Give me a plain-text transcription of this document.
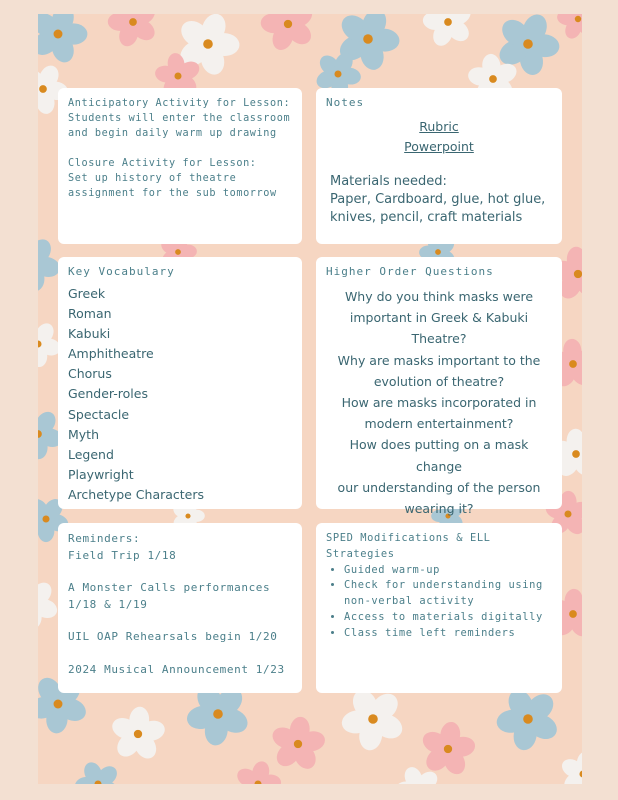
Anticipatory Activity for Lesson:
Students will enter the classroom
and begin daily warm up drawing
Closure Activity for Lesson:
Set up history of theatre
assignment for the sub tomorrow
Notes
Rubric
Powerpoint
Materials needed:
Paper, Cardboard, glue, hot glue,
knives, pencil, craft materials
Key Vocabulary
Greek
Roman
Kabuki
Amphitheatre
Chorus
Gender-roles
Spectacle
Myth
Legend
Playwright
Archetype Characters
Higher Order Questions
Why do you think masks were
important in Greek & Kabuki
Theatre?
Why are masks important to the
evolution of theatre?
How are masks incorporated in
modern entertainment?
How does putting on a mask change
our understanding of the person
wearing it?
Reminders:
Field Trip 1/18
A Monster Calls performances
1/18 & 1/19
UIL OAP Rehearsals begin 1/20
2024 Musical Announcement 1/23
SPED Modifications & ELL
Strategies
• Guided warm-up
• Check for understanding using
non-verbal activity
• Access to materials digitally
• Class time left reminders
